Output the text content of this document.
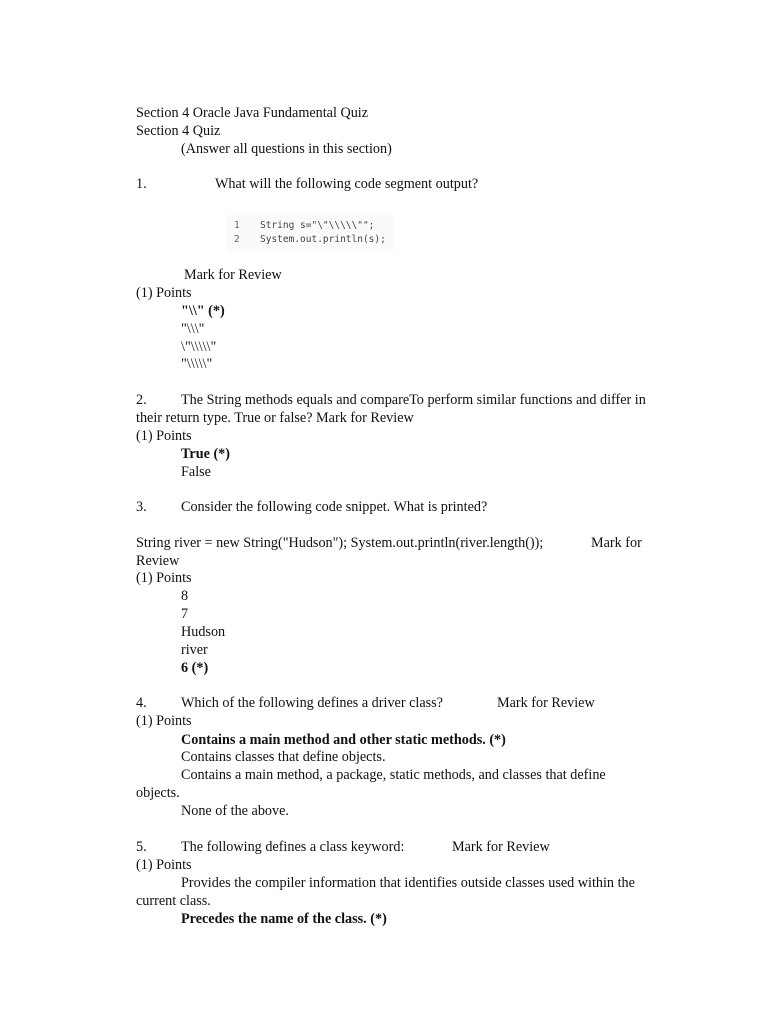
Section 4 Oracle Java Fundamental Quiz
Section 4 Quiz
(Answer all questions in this section)
1.	What will the following code segment output?
1 String s="\"\\\\\"";
2 System.out.println(s);
Mark for Review
(1) Points
"\\" (*)
"\\\"
\"\\\\\"
"\\\\\"
2. The String methods equals and compareTo perform similar functions and differ in
their return type. True or false? Mark for Review
(1) Points
True (*)
False
3. Consider the following code snippet. What is printed?
String river = new String("Hudson"); System.out.println(river.length());	Mark for
Review
(1) Points
8
7
Hudson
river
6 (*)
4. Which of the following defines a driver class?	Mark for Review
(1) Points
Contains a main method and other static methods. (*)
Contains classes that define objects.
Contains a main method, a package, static methods, and classes that define
objects.
None of the above.
5. The following defines a class keyword:	Mark for Review
(1) Points
Provides the compiler information that identifies outside classes used within the
current class.
Precedes the name of the class. (*)
